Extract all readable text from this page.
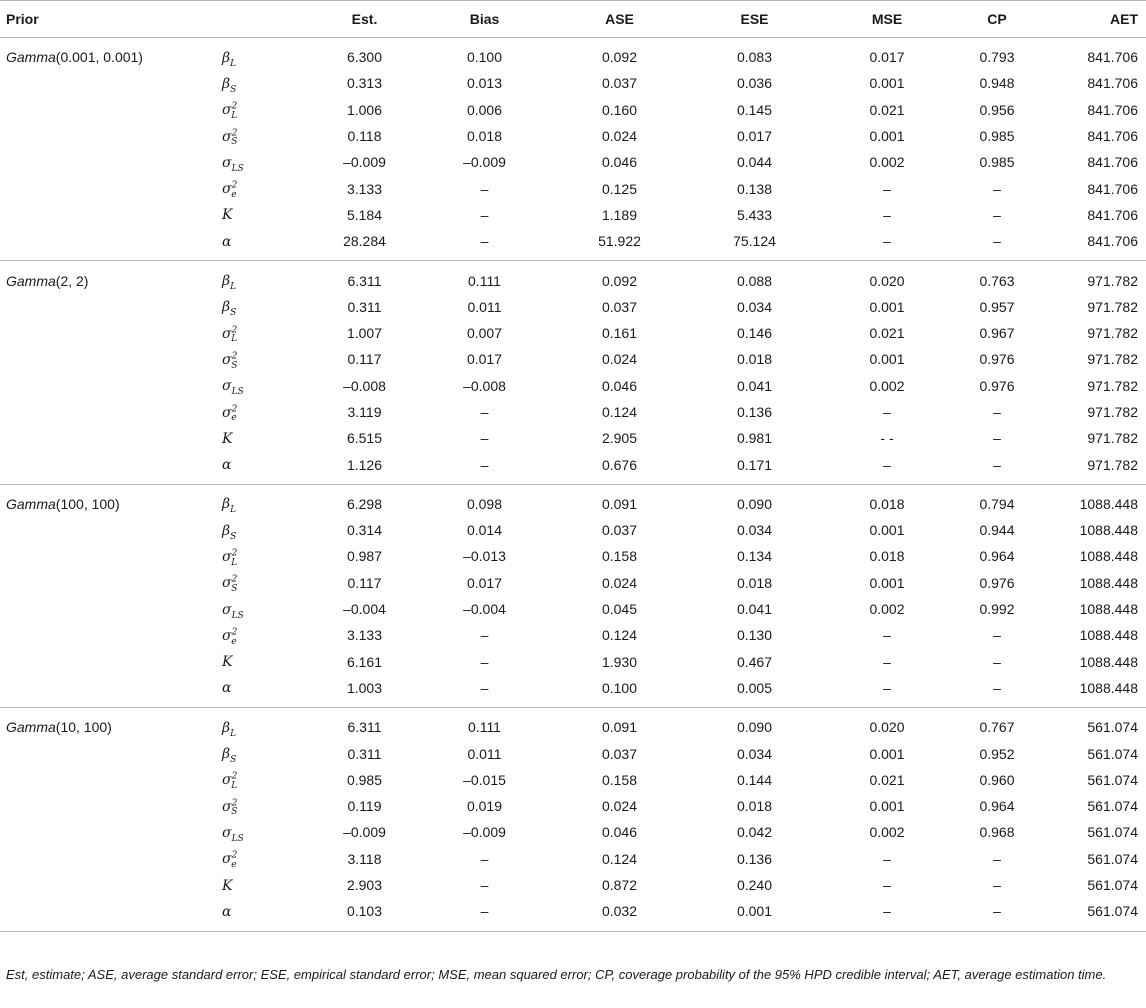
Prior		Est.	Bias	ASE	ESE	MSE	CP	AET
Gamma(0.001, 0.001)	$\beta_L$	6.300	0.100	0.092	0.083	0.017	0.793	841.706
	$\beta_S$	0.313	0.013	0.037	0.036	0.001	0.948	841.706
	$\sigma^2_L$	1.006	0.006	0.160	0.145	0.021	0.956	841.706
	$\sigma^2_S$	0.118	0.018	0.024	0.017	0.001	0.985	841.706
	$\sigma_{LS}$	–0.009	–0.009	0.046	0.044	0.002	0.985	841.706
	$\sigma^2_e$	3.133	–	0.125	0.138	–	–	841.706
	K	5.184	–	1.189	5.433	–	–	841.706
	α	28.284	–	51.922	75.124	–	–	841.706
Gamma(2, 2)	$\beta_L$	6.311	0.111	0.092	0.088	0.020	0.763	971.782
	$\beta_S$	0.311	0.011	0.037	0.034	0.001	0.957	971.782
	$\sigma^2_L$	1.007	0.007	0.161	0.146	0.021	0.967	971.782
	$\sigma^2_S$	0.117	0.017	0.024	0.018	0.001	0.976	971.782
	$\sigma_{LS}$	–0.008	–0.008	0.046	0.041	0.002	0.976	971.782
	$\sigma^2_e$	3.119	–	0.124	0.136	–	–	971.782
	K	6.515	–	2.905	0.981	- -	–	971.782
	α	1.126	–	0.676	0.171	–	–	971.782
Gamma(100, 100)	$\beta_L$	6.298	0.098	0.091	0.090	0.018	0.794	1088.448
	$\beta_S$	0.314	0.014	0.037	0.034	0.001	0.944	1088.448
	$\sigma^2_L$	0.987	–0.013	0.158	0.134	0.018	0.964	1088.448
	$\sigma^2_S$	0.117	0.017	0.024	0.018	0.001	0.976	1088.448
	$\sigma_{LS}$	–0.004	–0.004	0.045	0.041	0.002	0.992	1088.448
	$\sigma^2_e$	3.133	–	0.124	0.130	–	–	1088.448
	K	6.161	–	1.930	0.467	–	–	1088.448
	α	1.003	–	0.100	0.005	–	–	1088.448
Gamma(10, 100)	$\beta_L$	6.311	0.111	0.091	0.090	0.020	0.767	561.074
	$\beta_S$	0.311	0.011	0.037	0.034	0.001	0.952	561.074
	$\sigma^2_L$	0.985	–0.015	0.158	0.144	0.021	0.960	561.074
	$\sigma^2_S$	0.119	0.019	0.024	0.018	0.001	0.964	561.074
	$\sigma_{LS}$	–0.009	–0.009	0.046	0.042	0.002	0.968	561.074
	$\sigma^2_e$	3.118	–	0.124	0.136	–	–	561.074
	K	2.903	–	0.872	0.240	–	–	561.074
	α	0.103	–	0.032	0.001	–	–	561.074
Est, estimate; ASE, average standard error; ESE, empirical standard error; MSE, mean squared error; CP, coverage probability of the 95% HPD credible interval; AET, average estimation time.
